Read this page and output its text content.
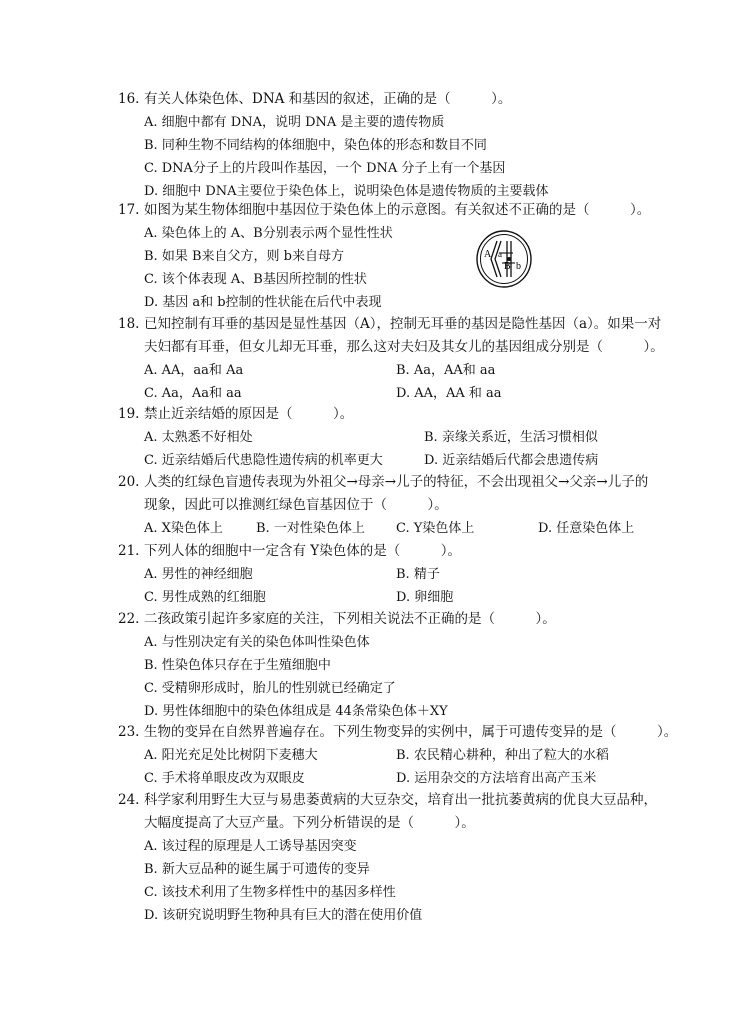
16. 有关人体染色体、DNA 和基因的叙述，正确的是（　　　）。
A. 细胞中都有 DNA，说明 DNA 是主要的遗传物质
B. 同种生物不同结构的体细胞中，染色体的形态和数目不同
C. DNA分子上的片段叫作基因，一个 DNA 分子上有一个基因
D. 细胞中 DNA主要位于染色体上，说明染色体是遗传物质的主要载体
17. 如图为某生物体细胞中基因位于染色体上的示意图。有关叙述不正确的是（　　　）。
A. 染色体上的 A、B分别表示两个显性性状
B. 如果 B来自父方，则 b来自母方
C. 该个体表现 A、B基因所控制的性状
D. 基因 a和 b控制的性状能在后代中表现
A a
B b
18. 已知控制有耳垂的基因是显性基因（A），控制无耳垂的基因是隐性基因（a）。如果一对
夫妇都有耳垂，但女儿却无耳垂，那么这对夫妇及其女儿的基因组成分别是（　　　）。
A. AA，aa和 Aa	B. Aa，AA和 aa
C. Aa，Aa和 aa	D. AA，AA 和 aa
19. 禁止近亲结婚的原因是（　　　）。
A. 太熟悉不好相处	B. 亲缘关系近，生活习惯相似
C. 近亲结婚后代患隐性遗传病的机率更大	D. 近亲结婚后代都会患遗传病
20. 人类的红绿色盲遗传表现为外祖父→母亲→儿子的特征，不会出现祖父→父亲→儿子的
现象，因此可以推测红绿色盲基因位于（　　　）。
A. X染色体上	B. 一对性染色体上	C. Y染色体上	D. 任意染色体上
21. 下列人体的细胞中一定含有 Y染色体的是（　　　）。
A. 男性的神经细胞	B. 精子
C. 男性成熟的红细胞	D. 卵细胞
22. 二孩政策引起许多家庭的关注，下列相关说法不正确的是（　　　）。
A. 与性别决定有关的染色体叫性染色体
B. 性染色体只存在于生殖细胞中
C. 受精卵形成时，胎儿的性别就已经确定了
D. 男性体细胞中的染色体组成是 44条常染色体＋XY
23. 生物的变异在自然界普遍存在。下列生物变异的实例中，属于可遗传变异的是（　　　）。
A. 阳光充足处比树阴下麦穗大	B. 农民精心耕种，种出了粒大的水稻
C. 手术将单眼皮改为双眼皮	D. 运用杂交的方法培育出高产玉米
24. 科学家利用野生大豆与易患萎黄病的大豆杂交，培育出一批抗萎黄病的优良大豆品种，
大幅度提高了大豆产量。下列分析错误的是（　　　）。
A. 该过程的原理是人工诱导基因突变
B. 新大豆品种的诞生属于可遗传的变异
C. 该技术利用了生物多样性中的基因多样性
D. 该研究说明野生物种具有巨大的潜在使用价值
